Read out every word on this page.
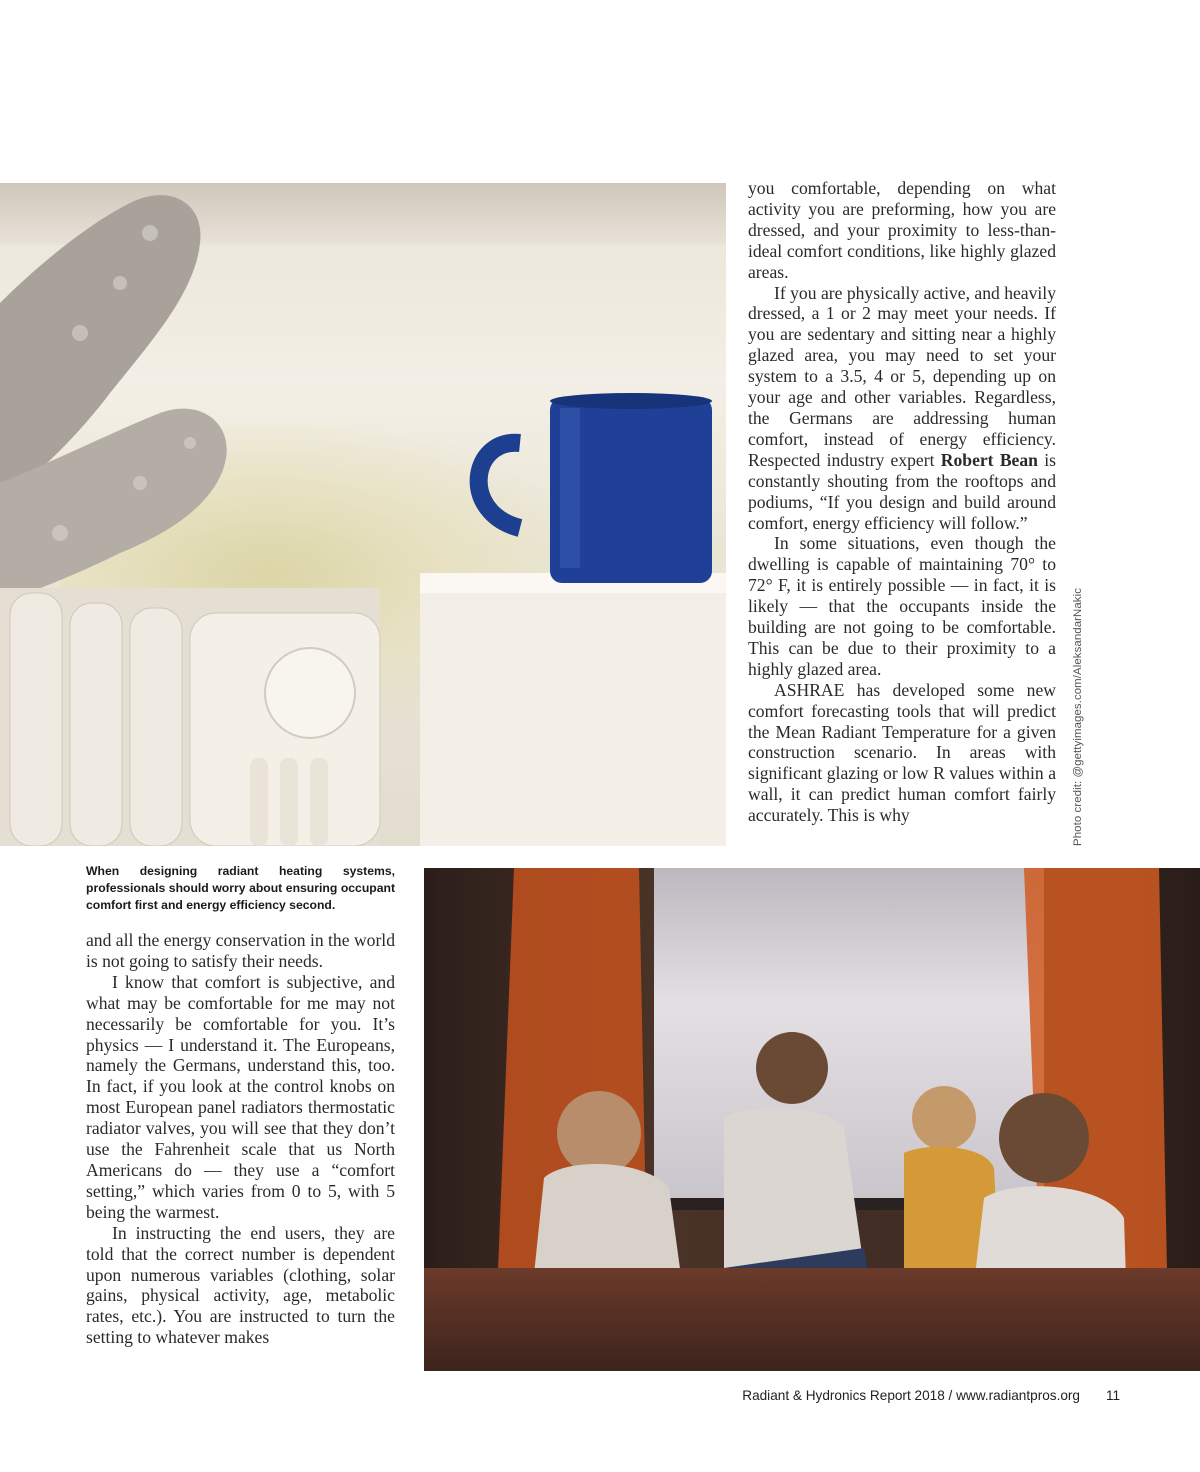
you comfortable, depending on what activity you are preforming, how you are dressed, and your proximity to less-than-ideal comfort conditions, like highly glazed areas.

If you are physically active, and heavily dressed, a 1 or 2 may meet your needs. If you are sedentary and sitting near a highly glazed area, you may need to set your system to a 3.5, 4 or 5, depending up on your age and other variables. Regardless, the Germans are addressing human comfort, instead of energy efficiency. Respected industry expert Robert Bean is constantly shouting from the rooftops and podiums, “If you design and build around comfort, energy efficiency will follow.”

In some situations, even though the dwelling is capable of maintaining 70° to 72° F, it is entirely possible — in fact, it is likely — that the occupants inside the building are not going to be comfortable. This can be due to their proximity to a highly glazed area.

ASHRAE has developed some new comfort forecasting tools that will predict the Mean Radiant Temperature for a given construction scenario. In areas with significant glazing or low R values within a wall, it can predict human comfort fairly accurately. This is why	Photo credit: @gettyimages.com/AleksandarNakic
When designing radiant heating systems, professionals should worry about ensuring occupant comfort first and energy efficiency second.

and all the energy conservation in the world is not going to satisfy their needs.

I know that comfort is subjective, and what may be comfortable for me may not necessarily be comfortable for you. It’s physics — I understand it. The Europeans, namely the Germans, understand this, too. In fact, if you look at the control knobs on most European panel radiators thermostatic radiator valves, you will see that they don’t use the Fahrenheit scale that us North Americans do — they use a “comfort setting,” which varies from 0 to 5, with 5 being the warmest.

In instructing the end users, they are told that the correct number is dependent upon numerous variables (clothing, solar gains, physical activity, age, metabolic rates, etc.). You are instructed to turn the setting to whatever makes

Radiant & Hydronics Report 2018 / www.radiantpros.org 11
